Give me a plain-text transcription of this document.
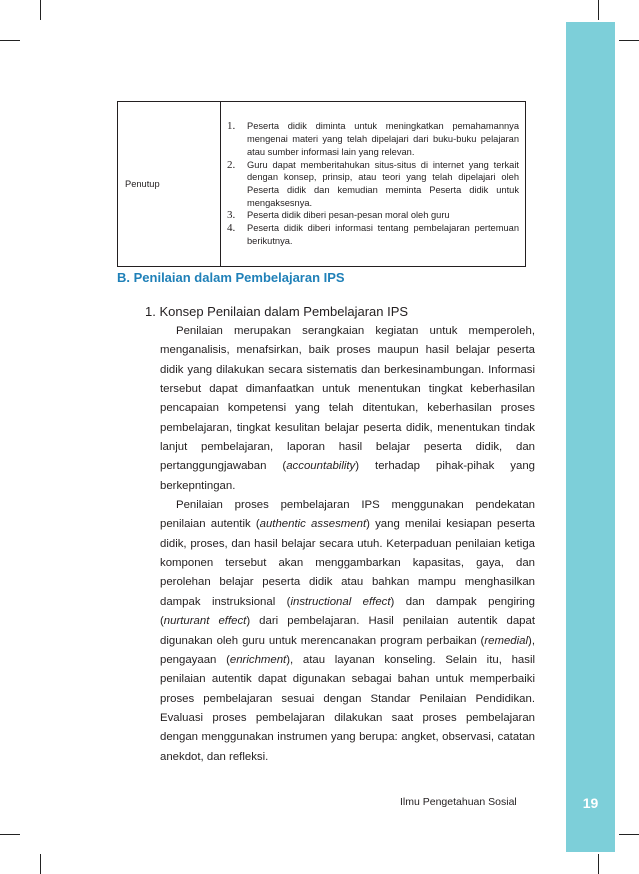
19
Ilmu Pengetahuan Sosial
Penutup	
1. Peserta didik diminta untuk meningkatkan pemahamannya mengenai materi yang telah dipelajari dari buku-buku pelajaran atau sumber informasi lain yang relevan.
2. Guru dapat memberitahukan situs-situs di internet yang terkait dengan konsep, prinsip, atau teori yang telah dipelajari oleh Peserta didik dan kemudian meminta Peserta didik untuk mengaksesnya.
3. Peserta didik diberi pesan-pesan moral oleh guru
4. Peserta didik diberi informasi tentang pembelajaran pertemuan berikutnya.
B. Penilaian dalam Pembelajaran IPS
1. Konsep Penilaian dalam Pembelajaran IPS

Penilaian merupakan serangkaian kegiatan untuk memperoleh, menganalisis, menafsirkan, baik proses maupun hasil belajar peserta didik yang dilakukan secara sistematis dan berkesinambungan. Informasi tersebut dapat dimanfaatkan untuk menentukan tingkat keberhasilan pencapaian kompetensi yang telah ditentukan, keberhasilan proses pembelajaran, tingkat kesulitan belajar peserta didik, menentukan tindak lanjut pembelajaran, laporan hasil belajar peserta didik, dan pertanggungjawaban (accountability) terhadap pihak-pihak yang berkepntingan.

Penilaian proses pembelajaran IPS menggunakan pendekatan penilaian autentik (authentic assesment) yang menilai kesiapan peserta didik, proses, dan hasil belajar secara utuh. Keterpaduan penilaian ketiga komponen tersebut akan menggambarkan kapasitas, gaya, dan perolehan belajar peserta didik atau bahkan mampu menghasilkan dampak instruksional (instructional effect) dan dampak pengiring (nurturant effect) dari pembelajaran. Hasil penilaian autentik dapat digunakan oleh guru untuk merencanakan program perbaikan (remedial), pengayaan (enrichment), atau layanan konseling. Selain itu, hasil penilaian autentik dapat digunakan sebagai bahan untuk memperbaiki proses pembelajaran sesuai dengan Standar Penilaian Pendidikan. Evaluasi proses pembelajaran dilakukan saat proses pembelajaran dengan menggunakan instrumen yang berupa: angket, observasi, catatan anekdot, dan refleksi.
